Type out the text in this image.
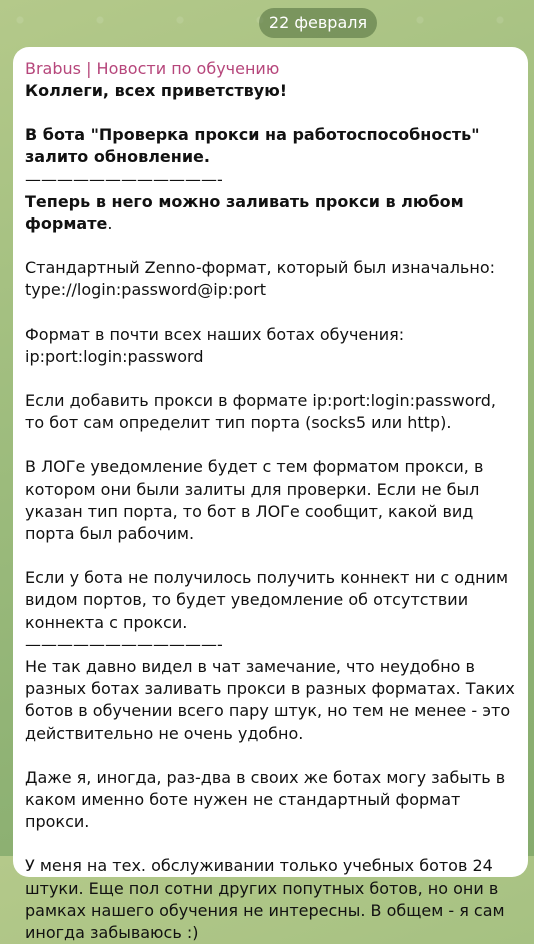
22 февраля
Brabus | Новости по обучению

Коллеги, всех приветствую!

В бота "Проверка прокси на работоспособность" залито обновление.

————————————-

Теперь в него можно заливать прокси в любом формате.

Стандартный Zenno-формат, который был изначально:

type://login:password@ip:port

Формат в почти всех наших ботах обучения:

ip:port:login:password

Если добавить прокси в формате ip:port:login:password, то бот сам определит тип порта (socks5 или http).

В ЛОГе уведомление будет с тем форматом прокси, в котором они были залиты для проверки. Если не был указан тип порта, то бот в ЛОГе сообщит, какой вид порта был рабочим.

Если у бота не получилось получить коннект ни с одним видом портов, то будет уведомление об отсутствии коннекта с прокси.

————————————-

Не так давно видел в чат замечание, что неудобно в разных ботах заливать прокси в разных форматах. Таких ботов в обучении всего пару штук, но тем не менее - это действительно не очень удобно.

Даже я, иногда, раз-два в своих же ботах могу забыть в каком именно боте нужен не стандартный формат прокси.

У меня на тех. обслуживании только учебных ботов 24 штуки. Еще пол сотни других попутных ботов, но они в рамках нашего обучения не интересны. В общем - я сам иногда забываюсь :)
